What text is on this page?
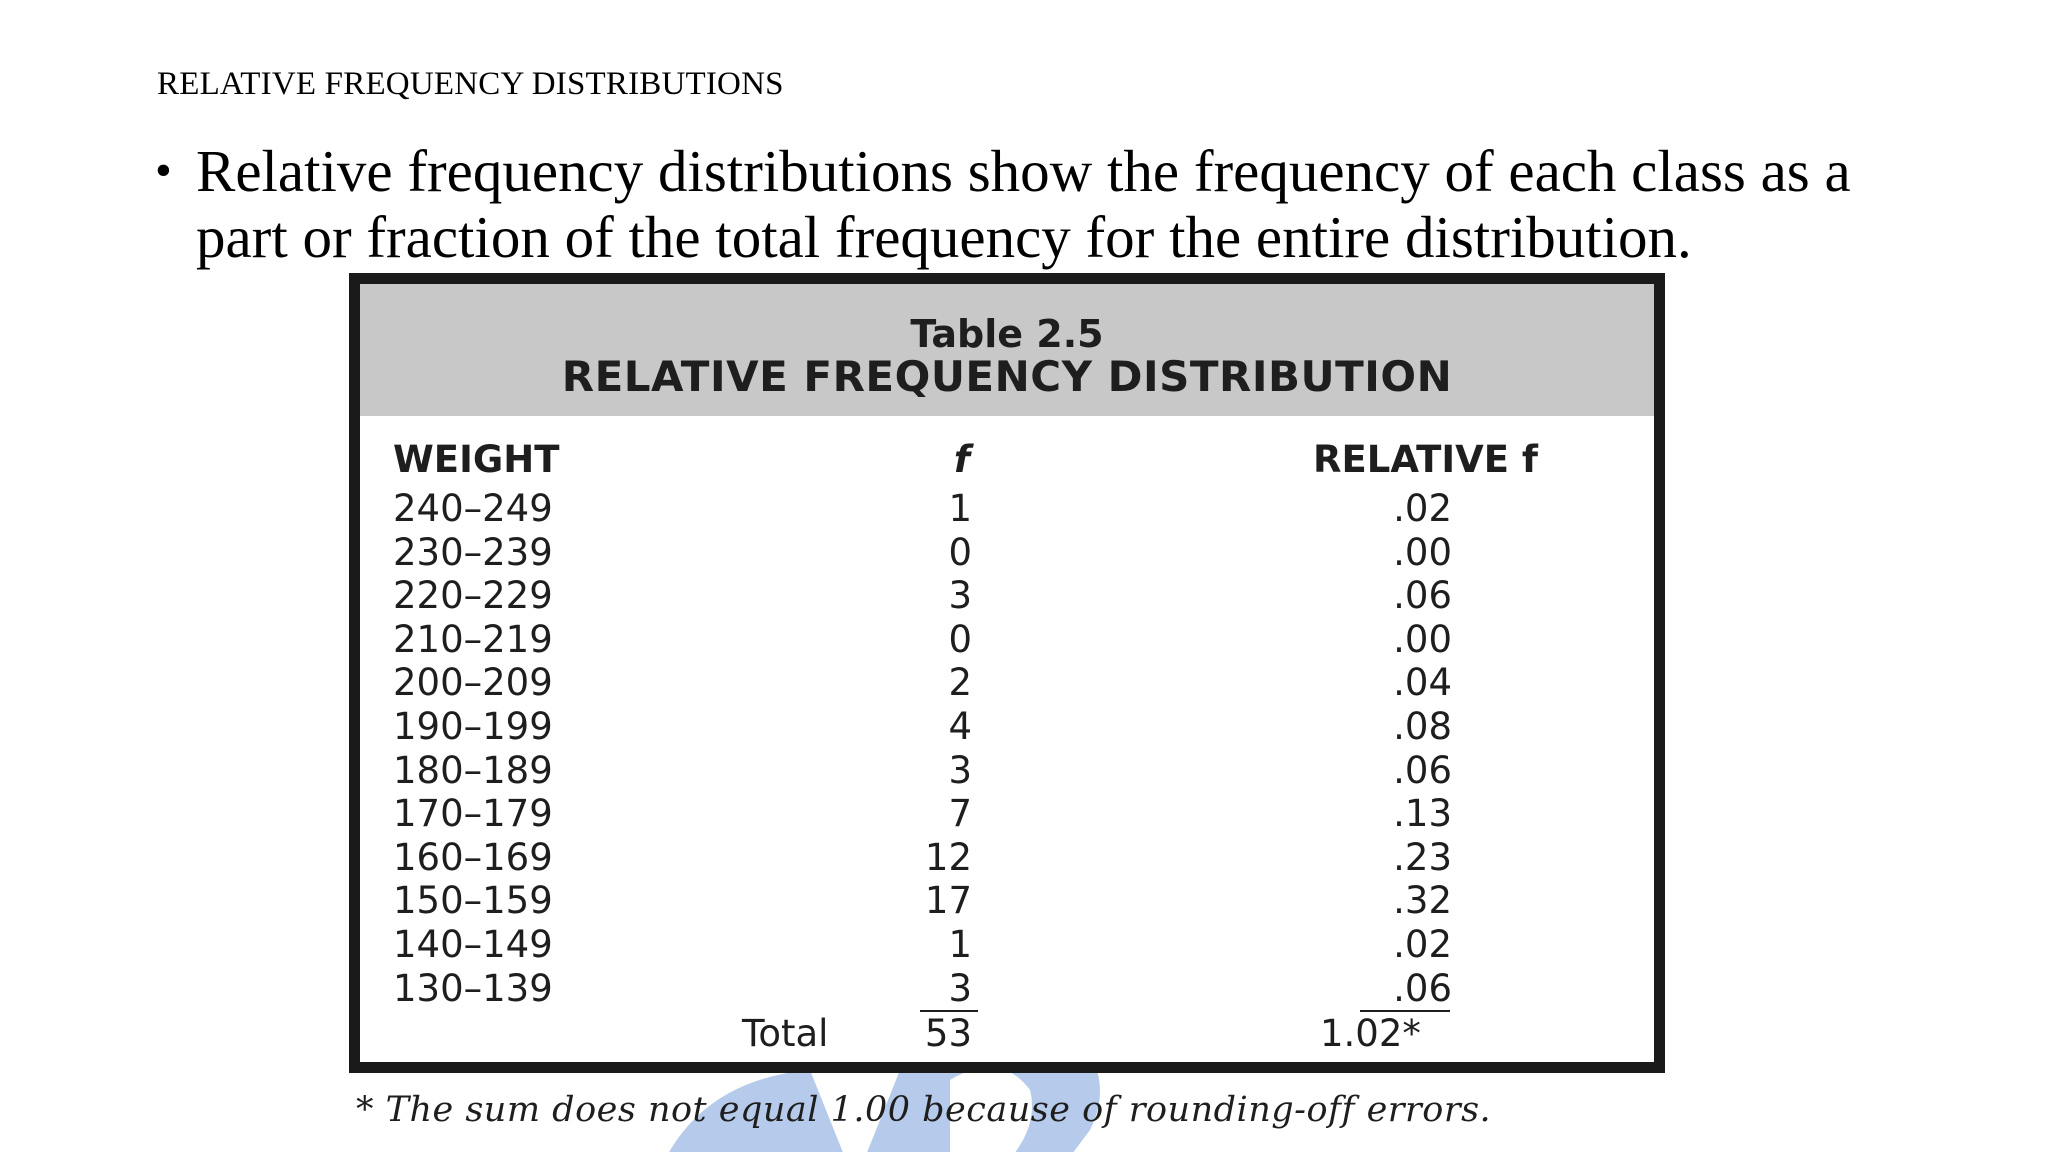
RELATIVE FREQUENCY DISTRIBUTIONS
• Relative frequency distributions show the frequency of each class as a part or fraction of the total frequency for the entire distribution.
Table 2.5
RELATIVE FREQUENCY DISTRIBUTION
WEIGHT	f	RELATIVE f
240–249	1	.02
230–239	0	.00
220–229	3	.06
210–219	0	.00
200–209	2	.04
190–199	4	.08
180–189	3	.06
170–179	7	.13
160–169	12	.23
150–159	17	.32
140–149	1	.02
130–139	3	.06
Total	53	1.02*
* The sum does not equal 1.00 because of rounding-off errors.
